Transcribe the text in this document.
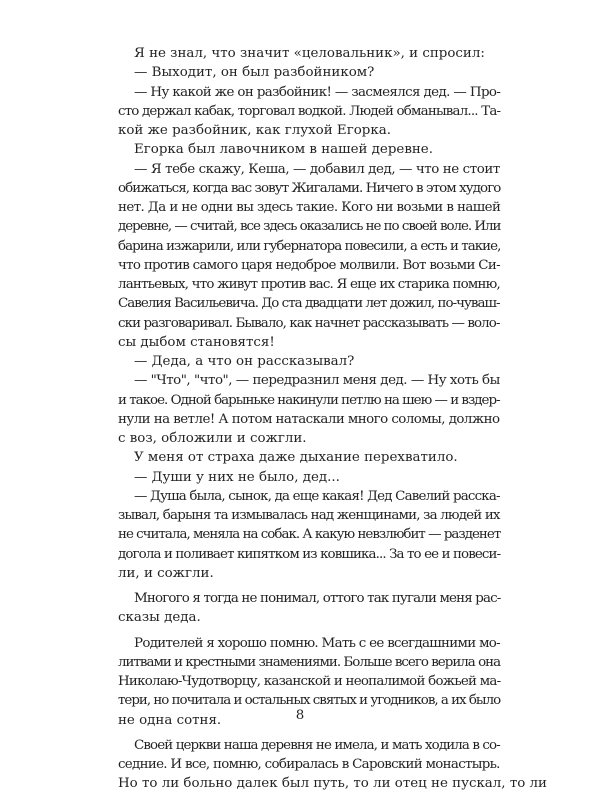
Я не знал, что значит «целовальник», и спросил:
— Выходит, он был разбойником?
— Ну какой же он разбойник! — засмеялся дед. — Про-
сто держал кабак, торговал водкой. Людей обманывал... Та-
кой же разбойник, как глухой Егорка.
Егорка был лавочником в нашей деревне.
— Я тебе скажу, Кеша, — добавил дед, — что не стоит
обижаться, когда вас зовут Жигалами. Ничего в этом худого
нет. Да и не одни вы здесь такие. Кого ни возьми в нашей
деревне, — считай, все здесь оказались не по своей воле. Или
барина изжарили, или губернатора повесили, а есть и такие,
что против самого царя недоброе молвили. Вот возьми Си-
лантьевых, что живут против вас. Я еще их старика помню,
Савелия Васильевича. До ста двадцати лет дожил, по-чуваш-
ски разговаривал. Бывало, как начнет рассказывать — воло-
сы дыбом становятся!
— Деда, а что он рассказывал?
— "Что", "что", — передразнил меня дед. — Ну хоть бы
и такое. Одной барыньке накинули петлю на шею — и вздер-
нули на ветле! А потом натаскали много соломы, должно
с воз, обложили и сожгли.
У меня от страха даже дыхание перехватило.
— Души у них не было, дед...
— Душа была, сынок, да еще какая! Дед Савелий расска-
зывал, барыня та измывалась над женщинами, за людей их
не считала, меняла на собак. А какую невзлюбит — разденет
догола и поливает кипятком из ковшика... За то ее и повеси-
ли, и сожгли.
Многого я тогда не понимал, оттого так пугали меня рас-
сказы деда.
Родителей я хорошо помню. Мать с ее всегдашними мо-
литвами и крестными знамениями. Больше всего верила она
Николаю-Чудотворцу, казанской и неопалимой божьей ма-
тери, но почитала и остальных святых и угодников, а их было
не одна сотня.
Своей церкви наша деревня не имела, и мать ходила в со-
седние. И все, помню, собиралась в Саровский монастырь.
Но то ли больно далек был путь, то ли отец не пускал, то ли
8
